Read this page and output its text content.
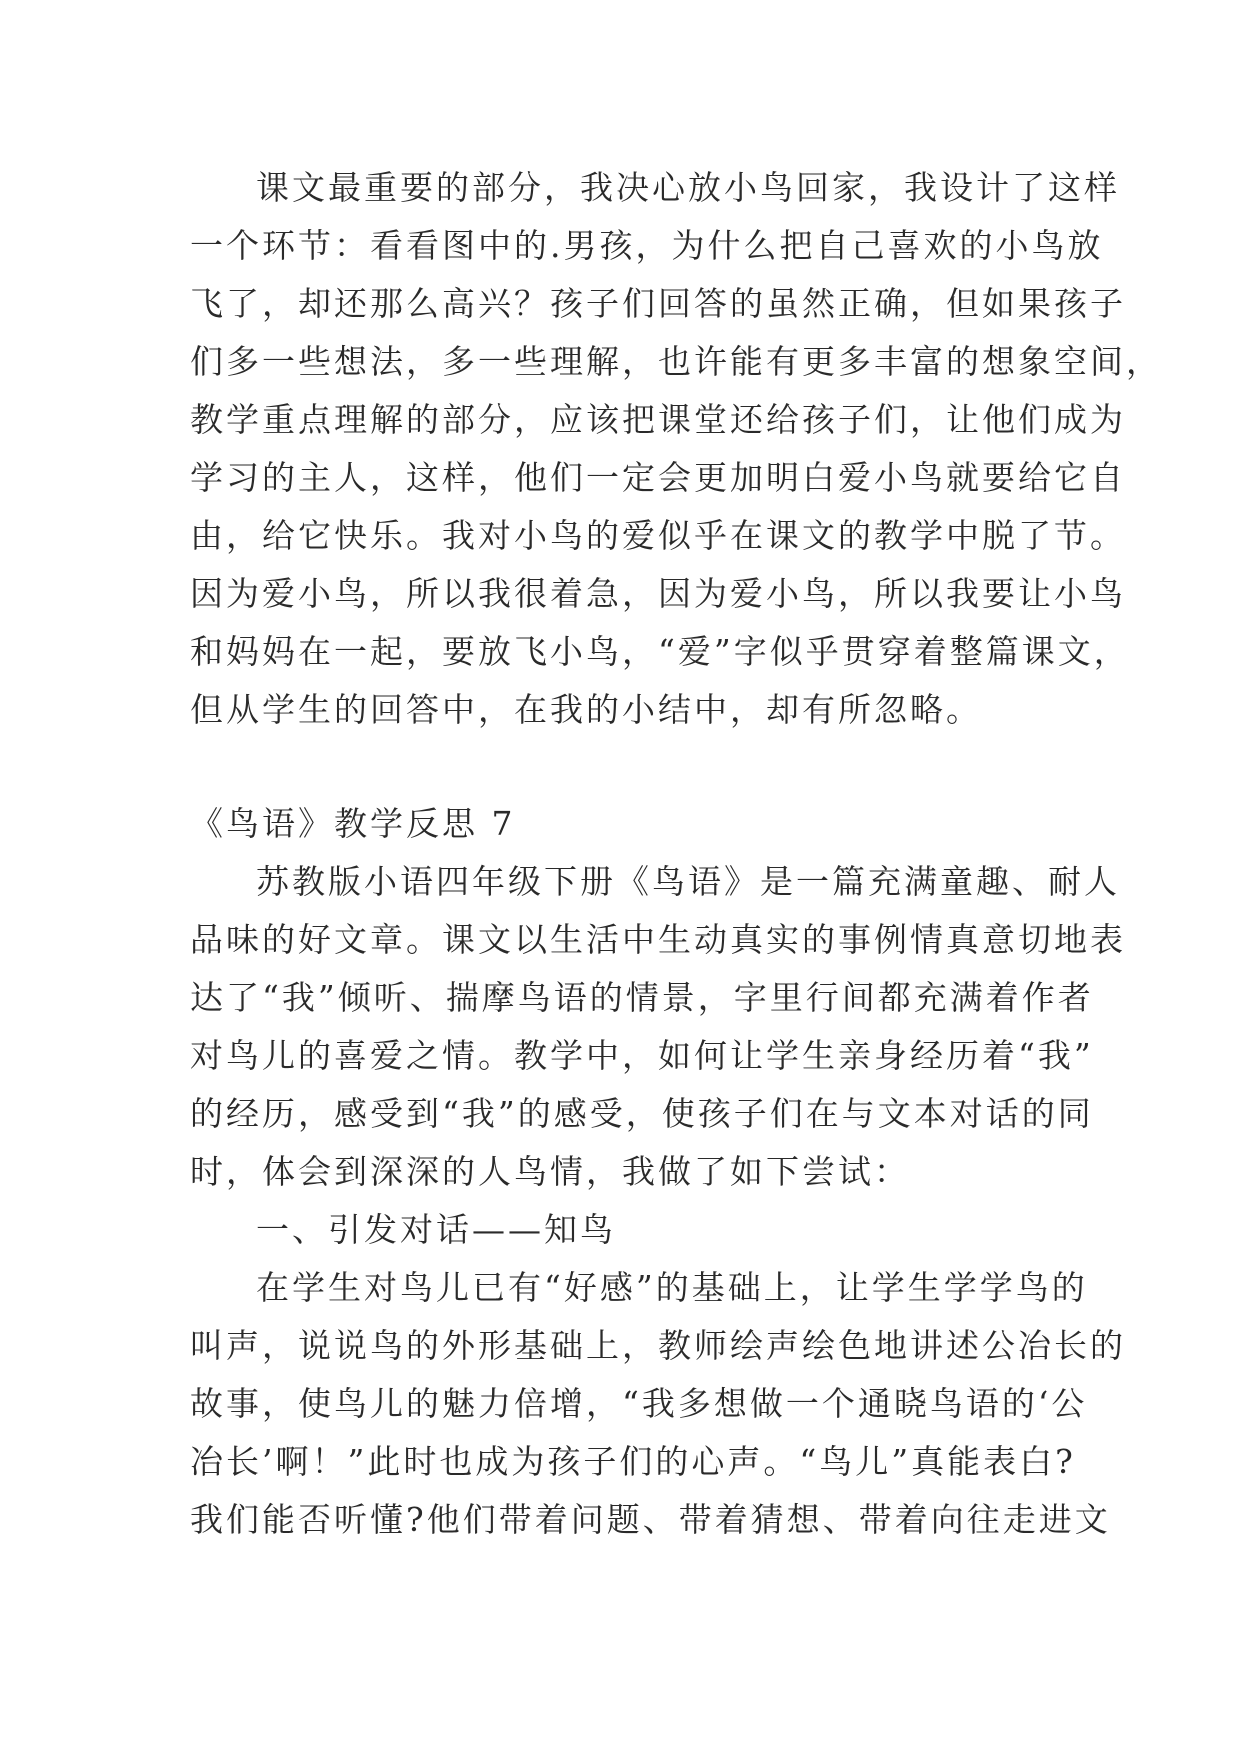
课文最重要的部分，我决心放小鸟回家，我设计了这样
一个环节：看看图中的.男孩，为什么把自己喜欢的小鸟放
飞了，却还那么高兴？孩子们回答的虽然正确，但如果孩子
们多一些想法，多一些理解，也许能有更多丰富的想象空间，
教学重点理解的部分，应该把课堂还给孩子们，让他们成为
学习的主人，这样，他们一定会更加明白爱小鸟就要给它自
由，给它快乐。我对小鸟的爱似乎在课文的教学中脱了节。
因为爱小鸟，所以我很着急，因为爱小鸟，所以我要让小鸟
和妈妈在一起，要放飞小鸟，“爱”字似乎贯穿着整篇课文，
但从学生的回答中，在我的小结中，却有所忽略。
《鸟语》教学反思 7
苏教版小语四年级下册《鸟语》是一篇充满童趣、耐人
品味的好文章。课文以生活中生动真实的事例情真意切地表
达了“我”倾听、揣摩鸟语的情景，字里行间都充满着作者
对鸟儿的喜爱之情。教学中，如何让学生亲身经历着“我”
的经历，感受到“我”的感受，使孩子们在与文本对话的同
时，体会到深深的人鸟情，我做了如下尝试：
一、引发对话——知鸟
在学生对鸟儿已有“好感”的基础上，让学生学学鸟的
叫声，说说鸟的外形基础上，教师绘声绘色地讲述公冶长的
故事，使鸟儿的魅力倍增，“我多想做一个通晓鸟语的‘公
冶长’啊！”此时也成为孩子们的心声。“鸟儿”真能表白?
我们能否听懂?他们带着问题、带着猜想、带着向往走进文
